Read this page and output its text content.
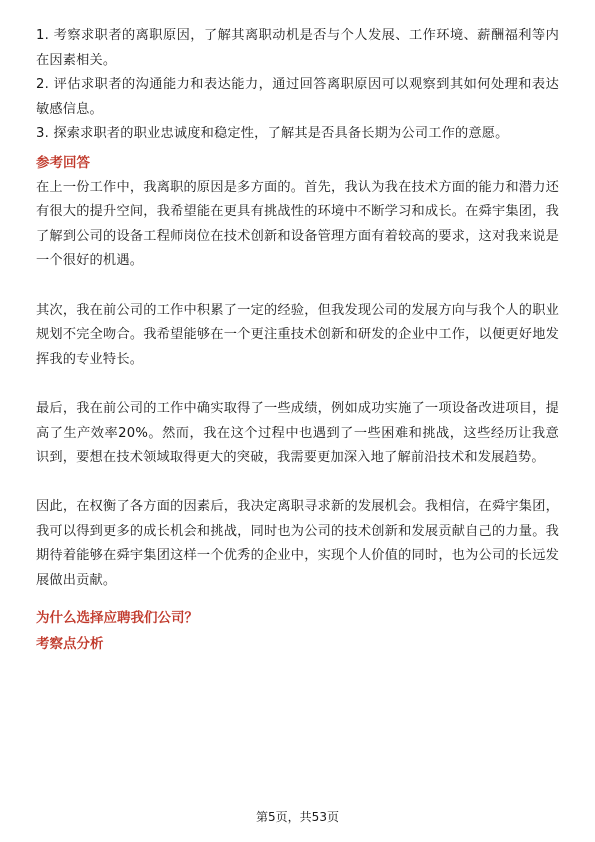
1. 考察求职者的离职原因，了解其离职动机是否与个人发展、工作环境、薪酬福利等内在因素相关。

2. 评估求职者的沟通能力和表达能力，通过回答离职原因可以观察到其如何处理和表达敏感信息。

3. 探索求职者的职业忠诚度和稳定性，了解其是否具备长期为公司工作的意愿。

参考回答

在上一份工作中，我离职的原因是多方面的。首先，我认为我在技术方面的能力和潜力还有很大的提升空间，我希望能在更具有挑战性的环境中不断学习和成长。在舜宇集团，我了解到公司的设备工程师岗位在技术创新和设备管理方面有着较高的要求，这对我来说是一个很好的机遇。

其次，我在前公司的工作中积累了一定的经验，但我发现公司的发展方向与我个人的职业规划不完全吻合。我希望能够在一个更注重技术创新和研发的企业中工作，以便更好地发挥我的专业特长。

最后，我在前公司的工作中确实取得了一些成绩，例如成功实施了一项设备改进项目，提高了生产效率20%。然而，我在这个过程中也遇到了一些困难和挑战，这些经历让我意识到，要想在技术领域取得更大的突破，我需要更加深入地了解前沿技术和发展趋势。

因此，在权衡了各方面的因素后，我决定离职寻求新的发展机会。我相信，在舜宇集团，我可以得到更多的成长机会和挑战，同时也为公司的技术创新和发展贡献自己的力量。我期待着能够在舜宇集团这样一个优秀的企业中，实现个人价值的同时，也为公司的长远发展做出贡献。

为什么选择应聘我们公司？

考察点分析

第5页，共53页
